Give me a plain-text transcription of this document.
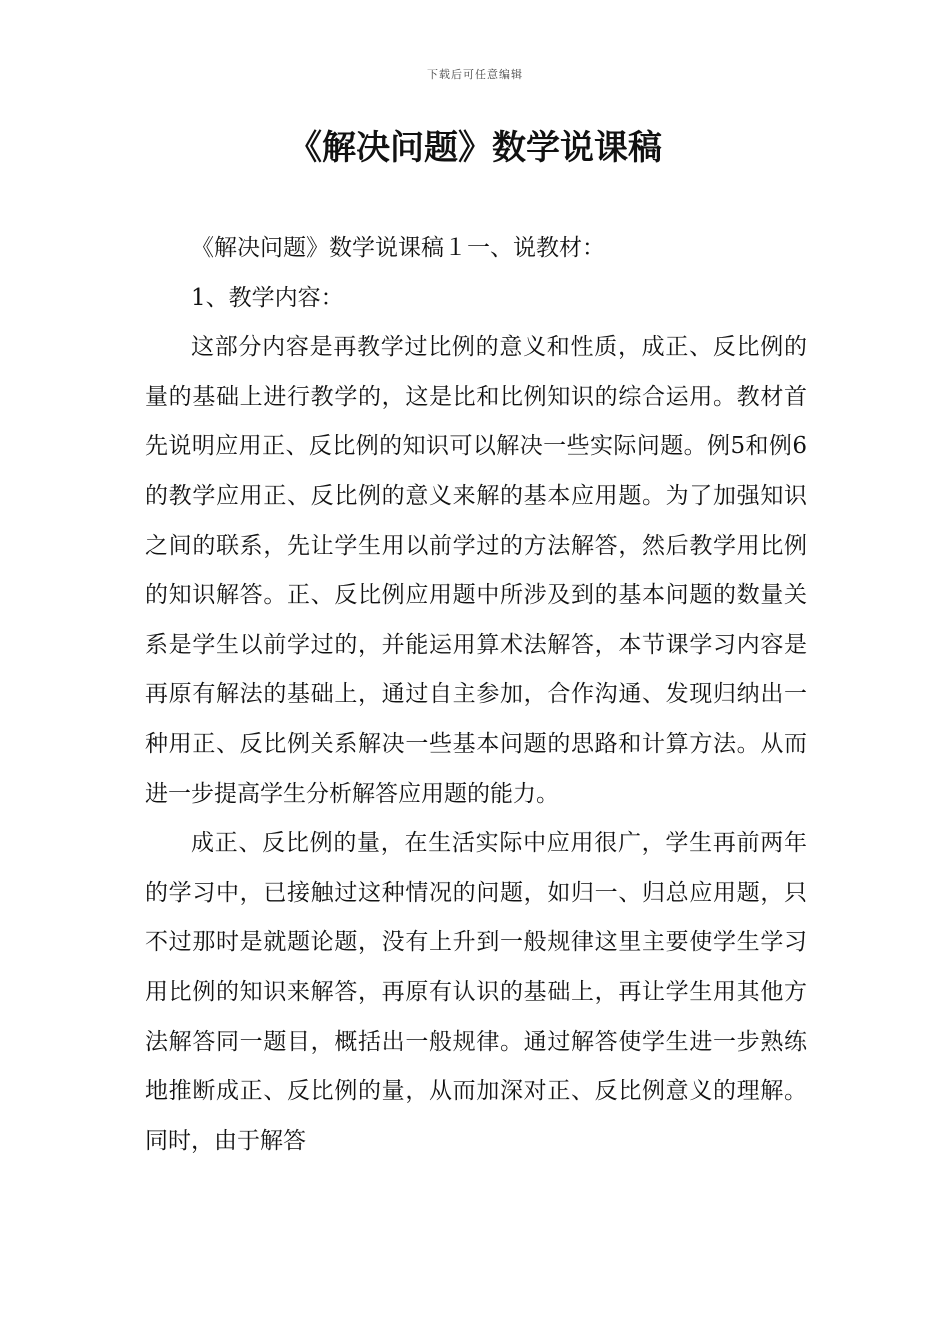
下载后可任意编辑
《解决问题》数学说课稿

《解决问题》数学说课稿１一、说教材：

1、教学内容：

这部分内容是再教学过比例的意义和性质，成正、反比例的量的基础上进行教学的，这是比和比例知识的综合运用。教材首先说明应用正、反比例的知识可以解决一些实际问题。例5和例6的教学应用正、反比例的意义来解的基本应用题。为了加强知识之间的联系，先让学生用以前学过的方法解答，然后教学用比例的知识解答。正、反比例应用题中所涉及到的基本问题的数量关系是学生以前学过的，并能运用算术法解答，本节课学习内容是再原有解法的基础上，通过自主参加，合作沟通、发现归纳出一种用正、反比例关系解决一些基本问题的思路和计算方法。从而进一步提高学生分析解答应用题的能力。

成正、反比例的量，在生活实际中应用很广，学生再前两年的学习中，已接触过这种情况的问题，如归一、归总应用题，只不过那时是就题论题，没有上升到一般规律这里主要使学生学习用比例的知识来解答，再原有认识的基础上，再让学生用其他方法解答同一题目，概括出一般规律。通过解答使学生进一步熟练地推断成正、反比例的量，从而加深对正、反比例意义的理解。同时，由于解答
